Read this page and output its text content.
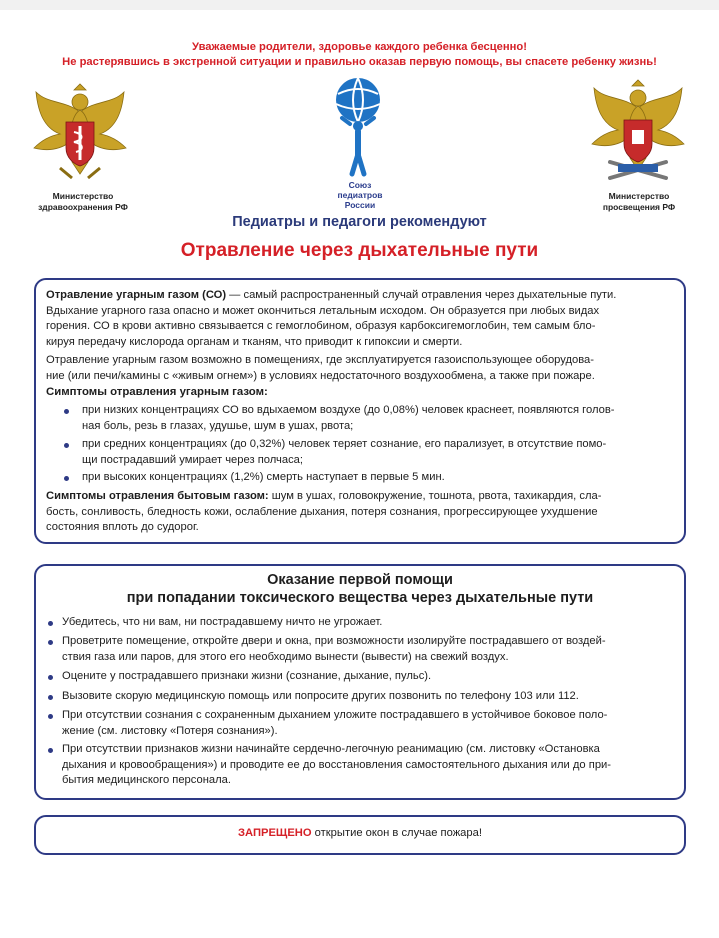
Уважаемые родители, здоровье каждого ребенка бесценно!
Не растерявшись в экстренной ситуации и правильно оказав первую помощь, вы спасете ребенку жизнь!
Министерство
здравоохранения РФ
Союз
педиатров
России
Министерство
просвещения РФ
Педиатры и педагоги рекомендуют
Отравление через дыхательные пути

Отравление угарным газом (СО) — самый распространенный случай отравления через дыхательные пути.

Вдыхание угарного газа опасно и может окончиться летальным исходом. Он образуется при любых видах

горения. СО в крови активно связывается с гемоглобином, образуя карбоксигемоглобин, тем самым бло-

кируя передачу кислорода органам и тканям, что приводит к гипоксии и смерти.

Отравление угарным газом возможно в помещениях, где эксплуатируется газоиспользующее оборудова-

ние (или печи/камины с «живым огнем») в условиях недостаточного воздухообмена, а также при пожаре.

Симптомы отравления угарным газом:

при низких концентрациях СО во вдыхаемом воздухе (до 0,08%) человек краснеет, появляются голов-

ная боль, резь в глазах, удушье, шум в ушах, рвота;

при средних концентрациях (до 0,32%) человек теряет сознание, его парализует, в отсутствие помо-

щи пострадавший умирает через полчаса;

при высоких концентрациях (1,2%) смерть наступает в первые 5 мин.

Симптомы отравления бытовым газом: шум в ушах, головокружение, тошнота, рвота, тахикардия, сла-

бость, сонливость, бледность кожи, ослабление дыхания, потеря сознания, прогрессирующее ухудшение

состояния вплоть до судорог.

Оказание первой помощи
при попадании токсического вещества через дыхательные пути

Убедитесь, что ни вам, ни пострадавшему ничто не угрожает.

Проветрите помещение, откройте двери и окна, при возможности изолируйте пострадавшего от воздей-

ствия газа или паров, для этого его необходимо вынести (вывести) на свежий воздух.

Оцените у пострадавшего признаки жизни (сознание, дыхание, пульс).

Вызовите скорую медицинскую помощь или попросите других позвонить по телефону 103 или 112.

При отсутствии сознания с сохраненным дыханием уложите пострадавшего в устойчивое боковое поло-

жение (см. листовку «Потеря сознания»).

При отсутствии признаков жизни начинайте сердечно-легочную реанимацию (см. листовку «Остановка

дыхания и кровообращения») и проводите ее до восстановления самостоятельного дыхания или до при-

бытия медицинского персонала.

ЗАПРЕЩЕНО открытие окон в случае пожара!
